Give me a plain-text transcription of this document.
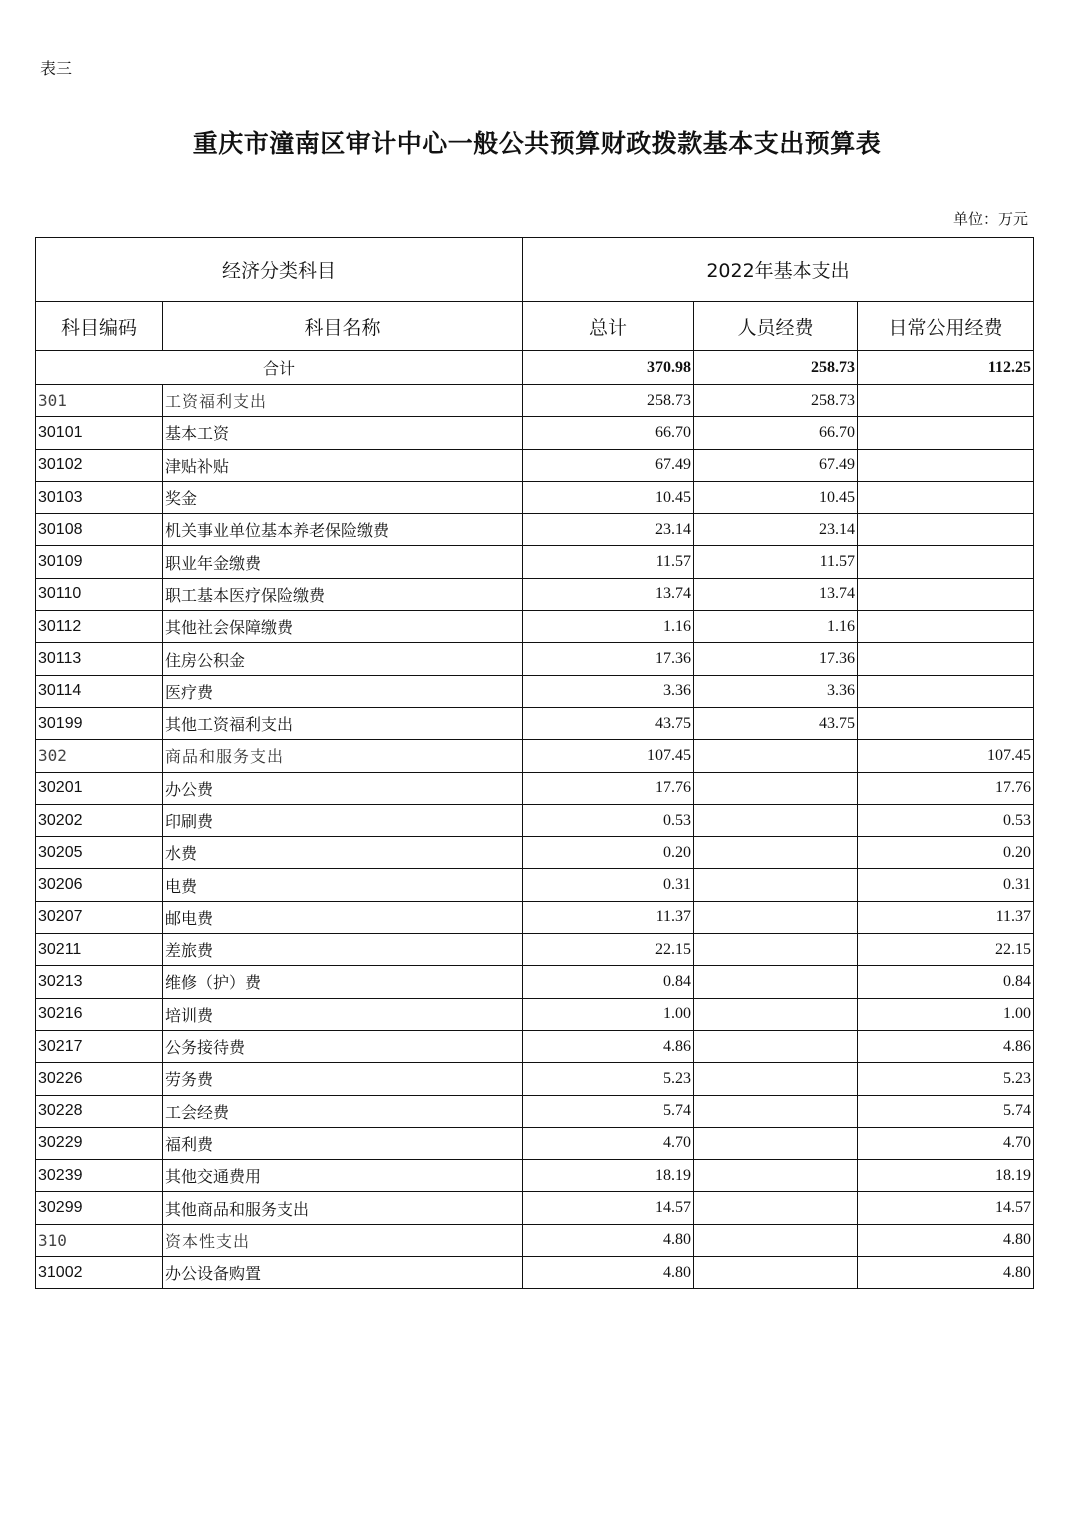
表三
重庆市潼南区审计中心一般公共预算财政拨款基本支出预算表
单位：万元
经济分类科目		2022年基本支出		
科目编码	科目名称	总计	人员经费	日常公用经费
合计		370.98	258.73	112.25
301	工资福利支出	258.73	258.73	
30101	基本工资	66.70	66.70	
30102	津贴补贴	67.49	67.49	
30103	奖金	10.45	10.45	
30108	机关事业单位基本养老保险缴费	23.14	23.14	
30109	职业年金缴费	11.57	11.57	
30110	职工基本医疗保险缴费	13.74	13.74	
30112	其他社会保障缴费	1.16	1.16	
30113	住房公积金	17.36	17.36	
30114	医疗费	3.36	3.36	
30199	其他工资福利支出	43.75	43.75	
302	商品和服务支出	107.45		107.45
30201	办公费	17.76		17.76
30202	印刷费	0.53		0.53
30205	水费	0.20		0.20
30206	电费	0.31		0.31
30207	邮电费	11.37		11.37
30211	差旅费	22.15		22.15
30213	维修（护）费	0.84		0.84
30216	培训费	1.00		1.00
30217	公务接待费	4.86		4.86
30226	劳务费	5.23		5.23
30228	工会经费	5.74		5.74
30229	福利费	4.70		4.70
30239	其他交通费用	18.19		18.19
30299	其他商品和服务支出	14.57		14.57
310	资本性支出	4.80		4.80
31002	办公设备购置	4.80		4.80
